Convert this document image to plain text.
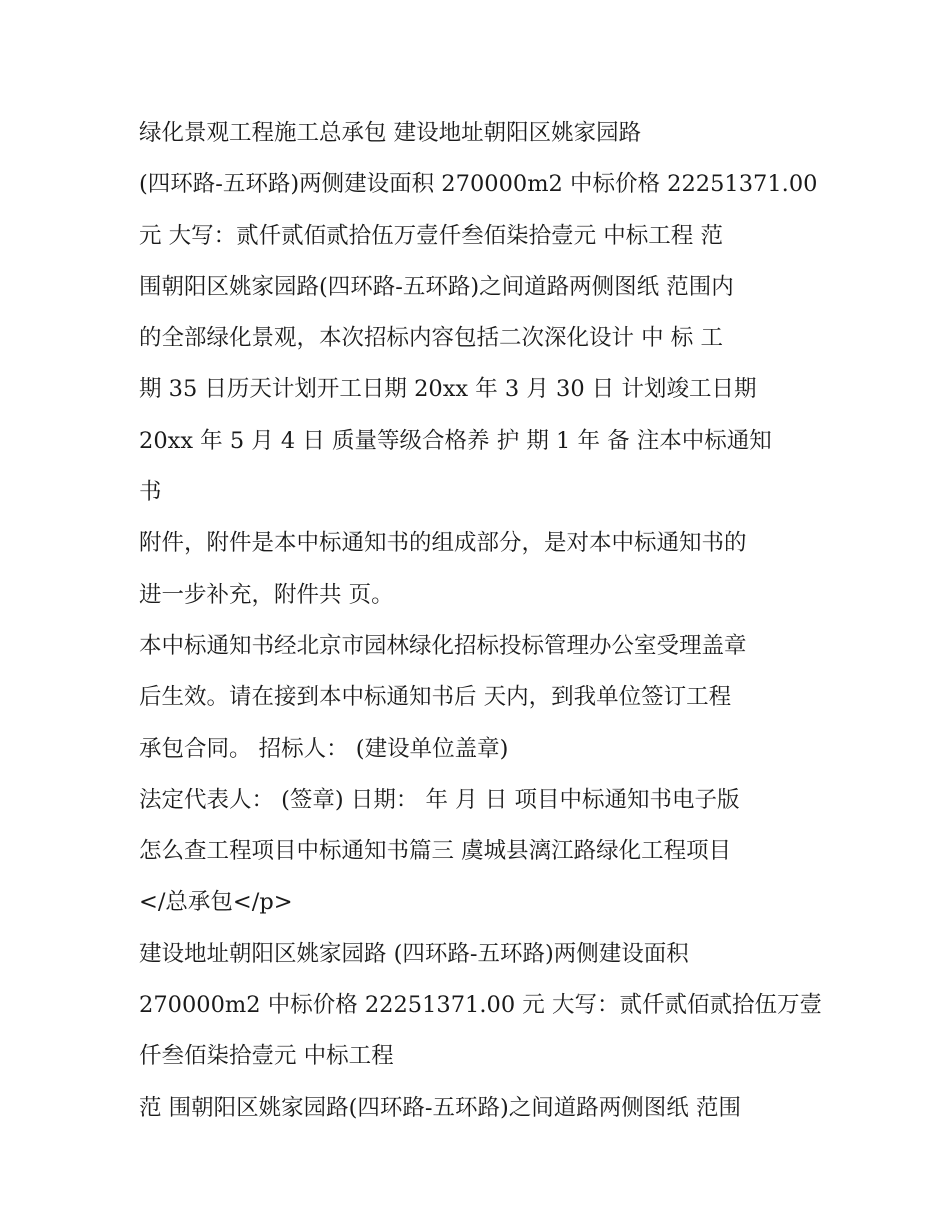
绿化景观工程施工总承包 建设地址朝阳区姚家园路
(四环路-五环路)两侧建设面积 270000m2 中标价格 22251371.00
元 大写：贰仟贰佰贰拾伍万壹仟叁佰柒拾壹元 中标工程 范
围朝阳区姚家园路(四环路-五环路)之间道路两侧图纸 范围内
的全部绿化景观，本次招标内容包括二次深化设计 中 标 工
期 35 日历天计划开工日期 20xx 年 3 月 30 日 计划竣工日期
20xx 年 5 月 4 日 质量等级合格养 护 期 1 年 备 注本中标通知
书
附件，附件是本中标通知书的组成部分，是对本中标通知书的
进一步补充，附件共 页。
本中标通知书经北京市园林绿化招标投标管理办公室受理盖章
后生效。请在接到本中标通知书后 天内，到我单位签订工程
承包合同。 招标人： (建设单位盖章)
法定代表人： (签章) 日期： 年 月 日 项目中标通知书电子版
怎么查工程项目中标通知书篇三 虞城县漓江路绿化工程项目
</总承包</p>
建设地址朝阳区姚家园路 (四环路-五环路)两侧建设面积
270000m2 中标价格 22251371.00 元 大写：贰仟贰佰贰拾伍万壹
仟叁佰柒拾壹元 中标工程
范 围朝阳区姚家园路(四环路-五环路)之间道路两侧图纸 范围
